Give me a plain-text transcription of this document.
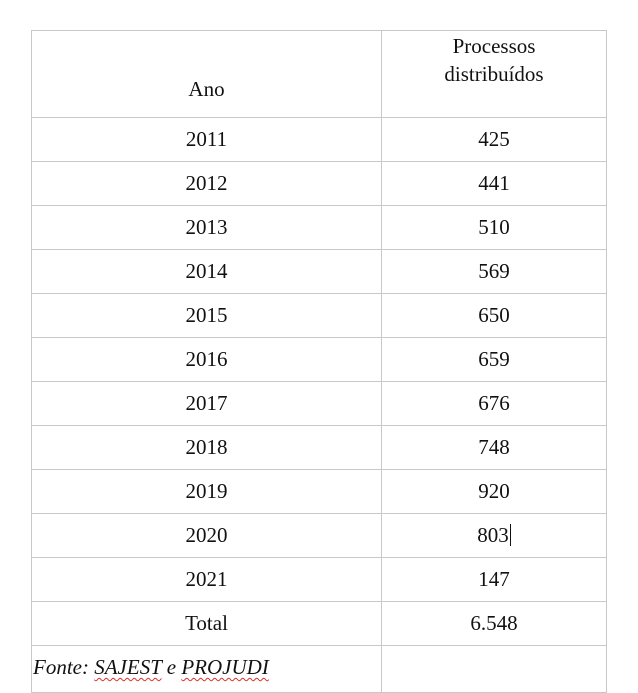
Ano	Processos
distribuídos
2011	425
2012	441
2013	510
2014	569
2015	650
2016	659
2017	676
2018	748
2019	920
2020	803
2021	147
Total	6.548
Fonte: SAJEST e PROJUDI	
